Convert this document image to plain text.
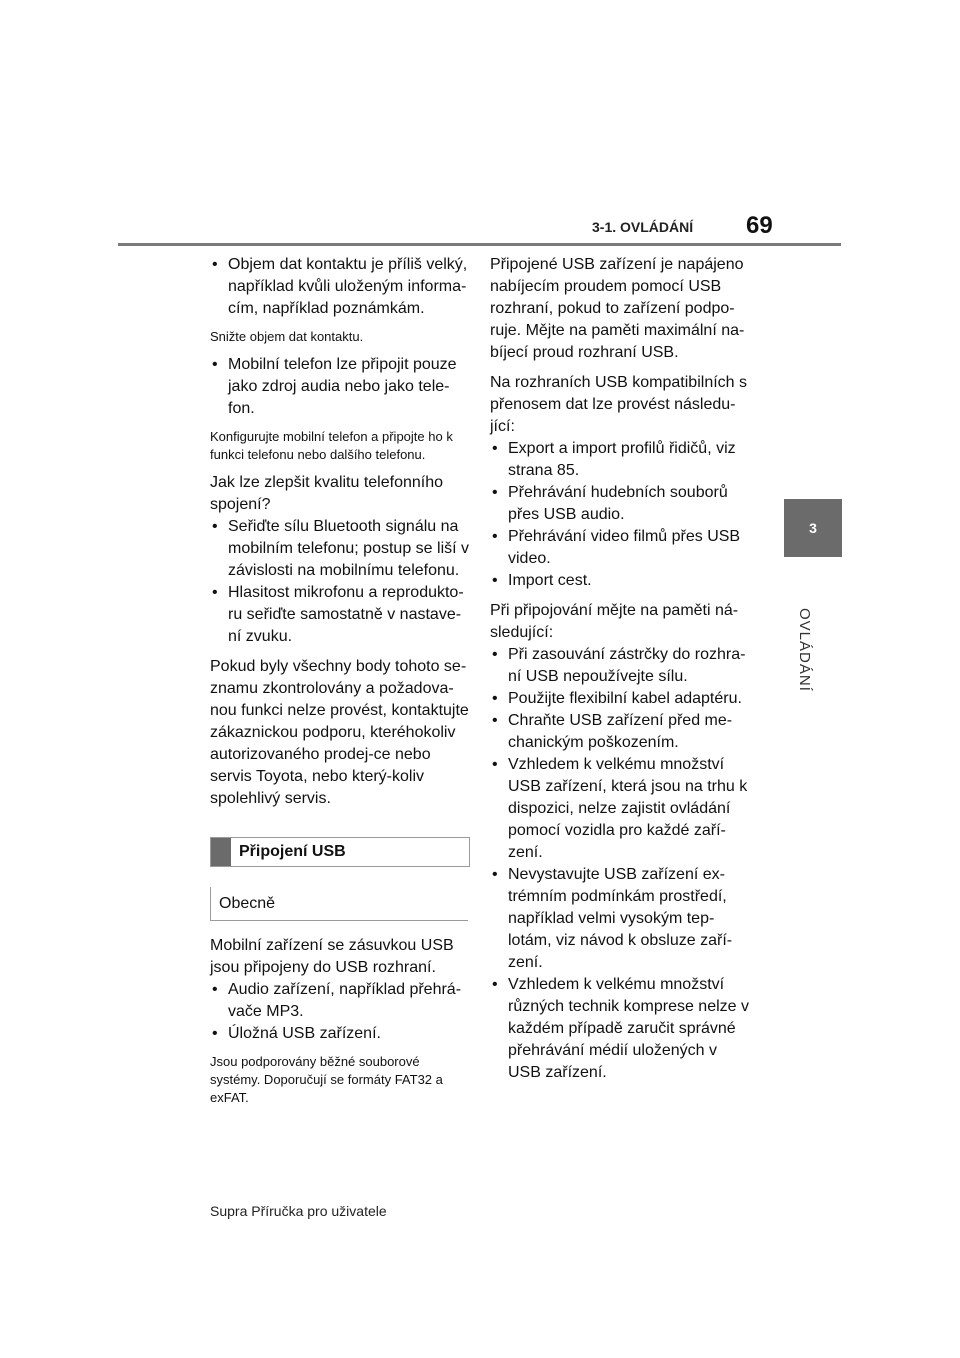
3-1. OVLÁDÁNÍ 69
3
OVLÁDÁNÍ
• Objem dat kontaktu je příliš velký, například kvůli uloženým informa-cím, například poznámkám.

Snižte objem dat kontaktu.

• Mobilní telefon lze připojit pouze jako zdroj audia nebo jako tele-fon.

Konfigurujte mobilní telefon a připojte ho k funkci telefonu nebo dalšího telefonu.

Jak lze zlepšit kvalitu telefonního spojení?

• Seřiďte sílu Bluetooth signálu na mobilním telefonu; postup se liší v závislosti na mobilnímu telefonu.
• Hlasitost mikrofonu a reprodukto-ru seřiďte samostatně v nastave-ní zvuku.

Pokud byly všechny body tohoto se-znamu zkontrolovány a požadova-nou funkci nelze provést, kontaktujte zákaznickou podporu, kteréhokoliv autorizovaného prodej-ce nebo servis Toyota, nebo který-koliv spolehlivý servis.

Připojení USB
Obecně

Mobilní zařízení se zásuvkou USB jsou připojeny do USB rozhraní.

• Audio zařízení, například přehrá-vače MP3.
• Úložná USB zařízení.

Jsou podporovány běžné souborové systémy. Doporučují se formáty FAT32 a exFAT.

Připojené USB zařízení je napájeno nabíjecím proudem pomocí USB rozhraní, pokud to zařízení podpo-ruje. Mějte na paměti maximální na-bíjecí proud rozhraní USB.

Na rozhraních USB kompatibilních s přenosem dat lze provést následu-jící:

• Export a import profilů řidičů, viz strana 85.
• Přehrávání hudebních souborů přes USB audio.
• Přehrávání video filmů přes USB video.
• Import cest.

Při připojování mějte na paměti ná-sledující:

• Při zasouvání zástrčky do rozhra-ní USB nepoužívejte sílu.
• Použijte flexibilní kabel adaptéru.
• Chraňte USB zařízení před me-chanickým poškozením.
• Vzhledem k velkému množství USB zařízení, která jsou na trhu k dispozici, nelze zajistit ovládání pomocí vozidla pro každé zaří-zení.
• Nevystavujte USB zařízení ex-trémním podmínkám prostředí, například velmi vysokým tep-lotám, viz návod k obsluze zaří-zení.
• Vzhledem k velkému množství různých technik komprese nelze v každém případě zaručit správné přehrávání médií uložených v USB zařízení.
Supra Příručka pro uživatele
